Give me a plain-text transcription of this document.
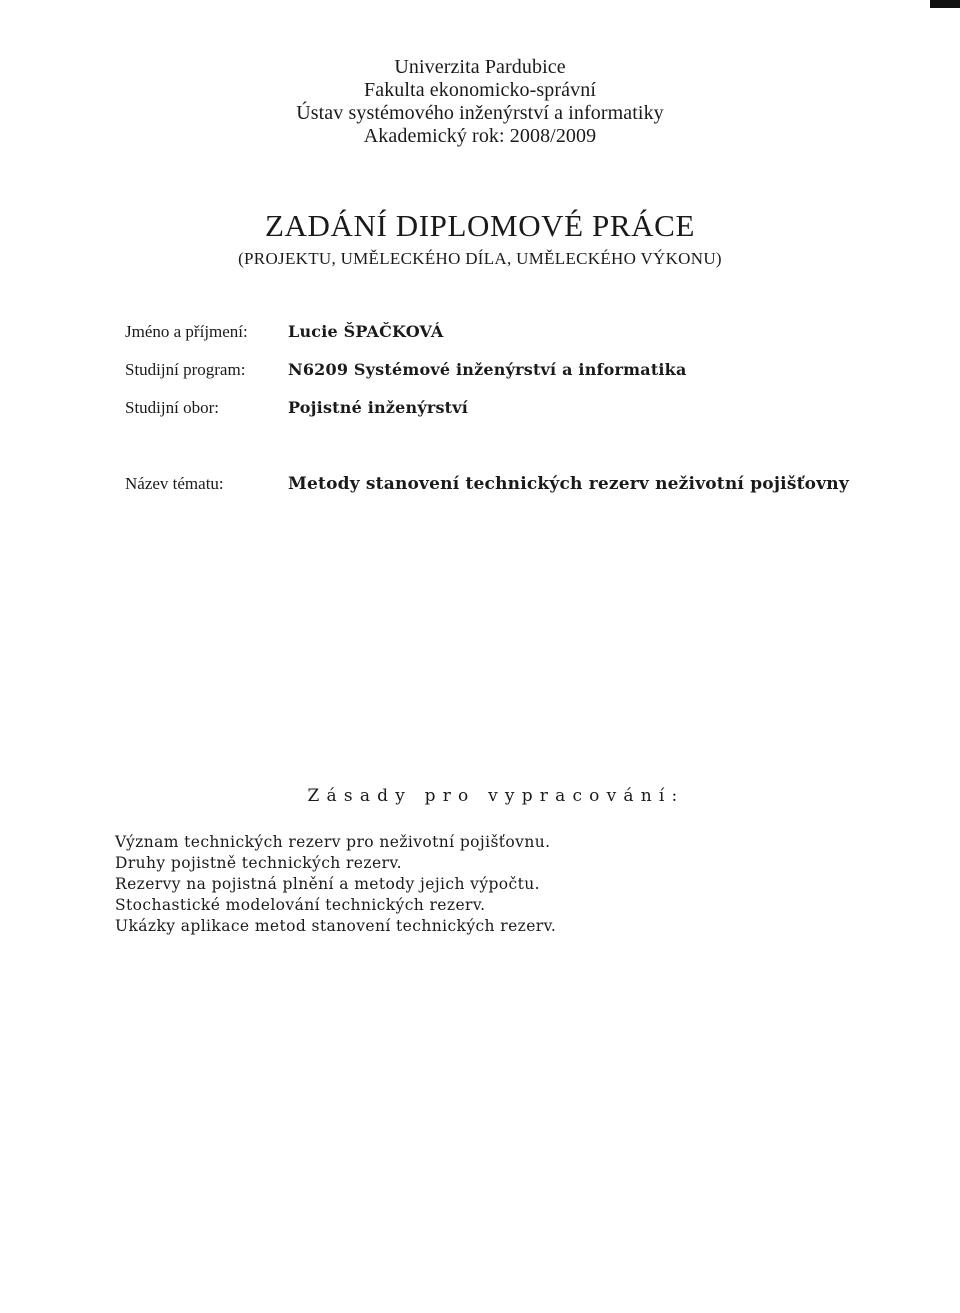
Univerzita Pardubice
Fakulta ekonomicko-správní
Ústav systémového inženýrství a informatiky
Akademický rok: 2008/2009
ZADÁNÍ DIPLOMOVÉ PRÁCE
(PROJEKTU, UMĚLECKÉHO DÍLA, UMĚLECKÉHO VÝKONU)
Jméno a příjmení:	Lucie ŠPAČKOVÁ
Studijní program:	N6209 Systémové inženýrství a informatika
Studijní obor:	Pojistné inženýrství
Název tématu:	Metody stanovení technických rezerv neživotní pojišťovny
Zásady pro vypracování:
Význam technických rezerv pro neživotní pojišťovnu.
Druhy pojistně technických rezerv.
Rezervy na pojistná plnění a metody jejich výpočtu.
Stochastické modelování technických rezerv.
Ukázky aplikace metod stanovení technických rezerv.
